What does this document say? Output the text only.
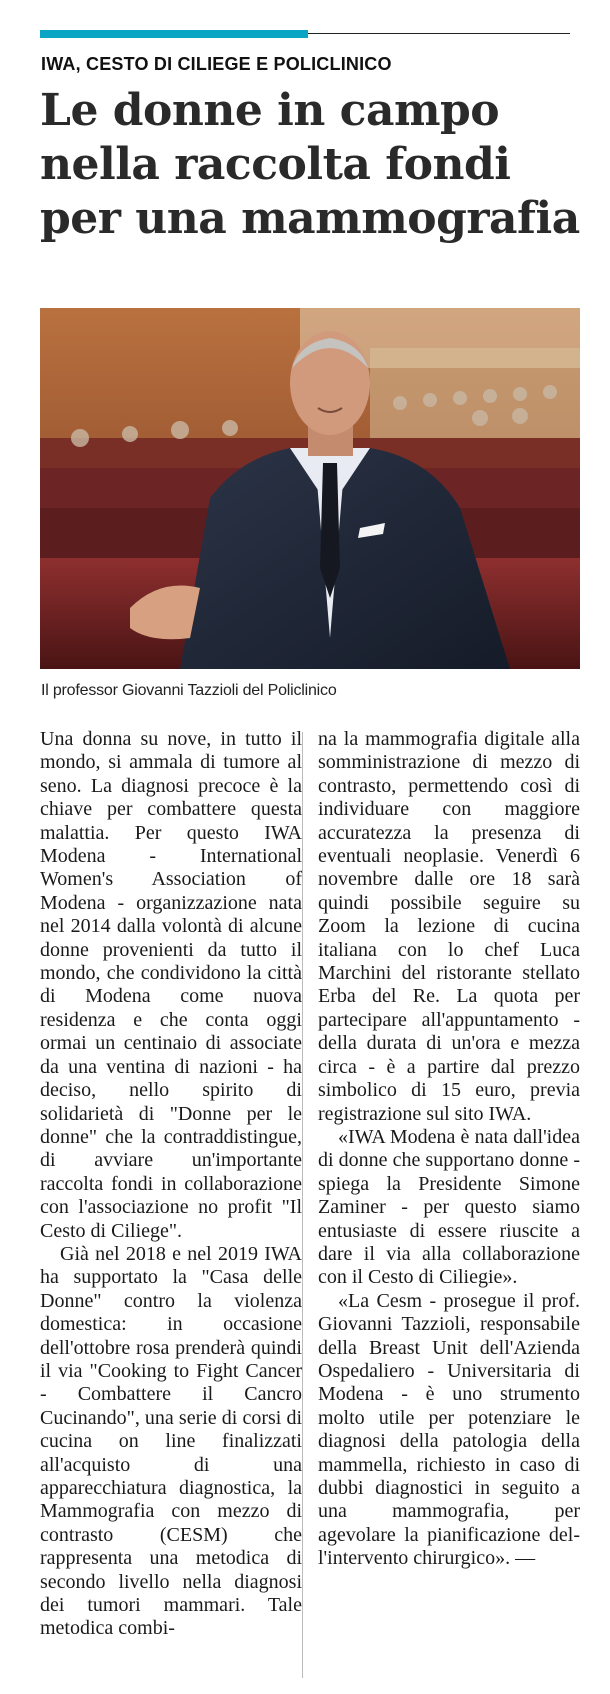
IWA, CESTO DI CILIEGE E POLICLINICO
Le donne in campo
nella raccolta fondi
per una mammografia
Il professor Giovanni Tazzioli del Policlinico

Una donna su nove, in tutto il mondo, si ammala di tumore al seno. La diagnosi precoce è la chiave per combattere questa malattia. Per questo IWA Modena - International Women's Association of Modena - organizzazione nata nel 2014 dalla volontà di alcune donne provenienti da tutto il mondo, che condividono la città di Modena come nuova residenza e che conta oggi ormai un centinaio di associate da una ventina di nazioni - ha deciso, nello spirito di solidarietà di "Donne per le donne" che la contraddistingue, di avviare un'importante raccolta fondi in collaborazione con l'associazione no profit "Il Cesto di Ciliege".

Già nel 2018 e nel 2019 IWA ha supportato la "Casa delle Donne" contro la violenza domestica: in occasione dell'ottobre rosa prenderà quindi il via "Cooking to Fight Cancer - Combattere il Cancro Cucinando", una serie di corsi di cucina on line finalizzati all'acquisto di una apparecchiatura diagnostica, la Mammografia con mezzo di contrasto (CESM) che rappresenta una metodica di secondo livello nella diagnosi dei tumori mammari. Tale metodica combi-

na la mammografia digitale alla somministrazione di mezzo di contrasto, permettendo così di individuare con maggiore accuratezza la presenza di eventuali neoplasie. Venerdì 6 novembre dalle ore 18 sarà quindi possibile seguire su Zoom la lezione di cucina italiana con lo chef Luca Marchini del ristorante stellato Erba del Re. La quota per partecipare all'appuntamento - della durata di un'ora e mezza circa - è a partire dal prezzo simbolico di 15 euro, previa registrazione sul sito IWA.

«IWA Modena è nata dall'idea di donne che supportano donne - spiega la Presidente Simone Zaminer - per questo siamo entusiaste di essere riuscite a dare il via alla collaborazione con il Cesto di Ciliegie».

«La Cesm - prosegue il prof. Giovanni Tazzioli, responsabile della Breast Unit dell'Azienda Ospedaliero - Universitaria di Modena - è uno strumento molto utile per potenziare le diagnosi della patologia della mammella, richiesto in caso di dubbi diagnostici in seguito a una mammografia, per agevolare la pianificazione del- l'intervento chirurgico». —
